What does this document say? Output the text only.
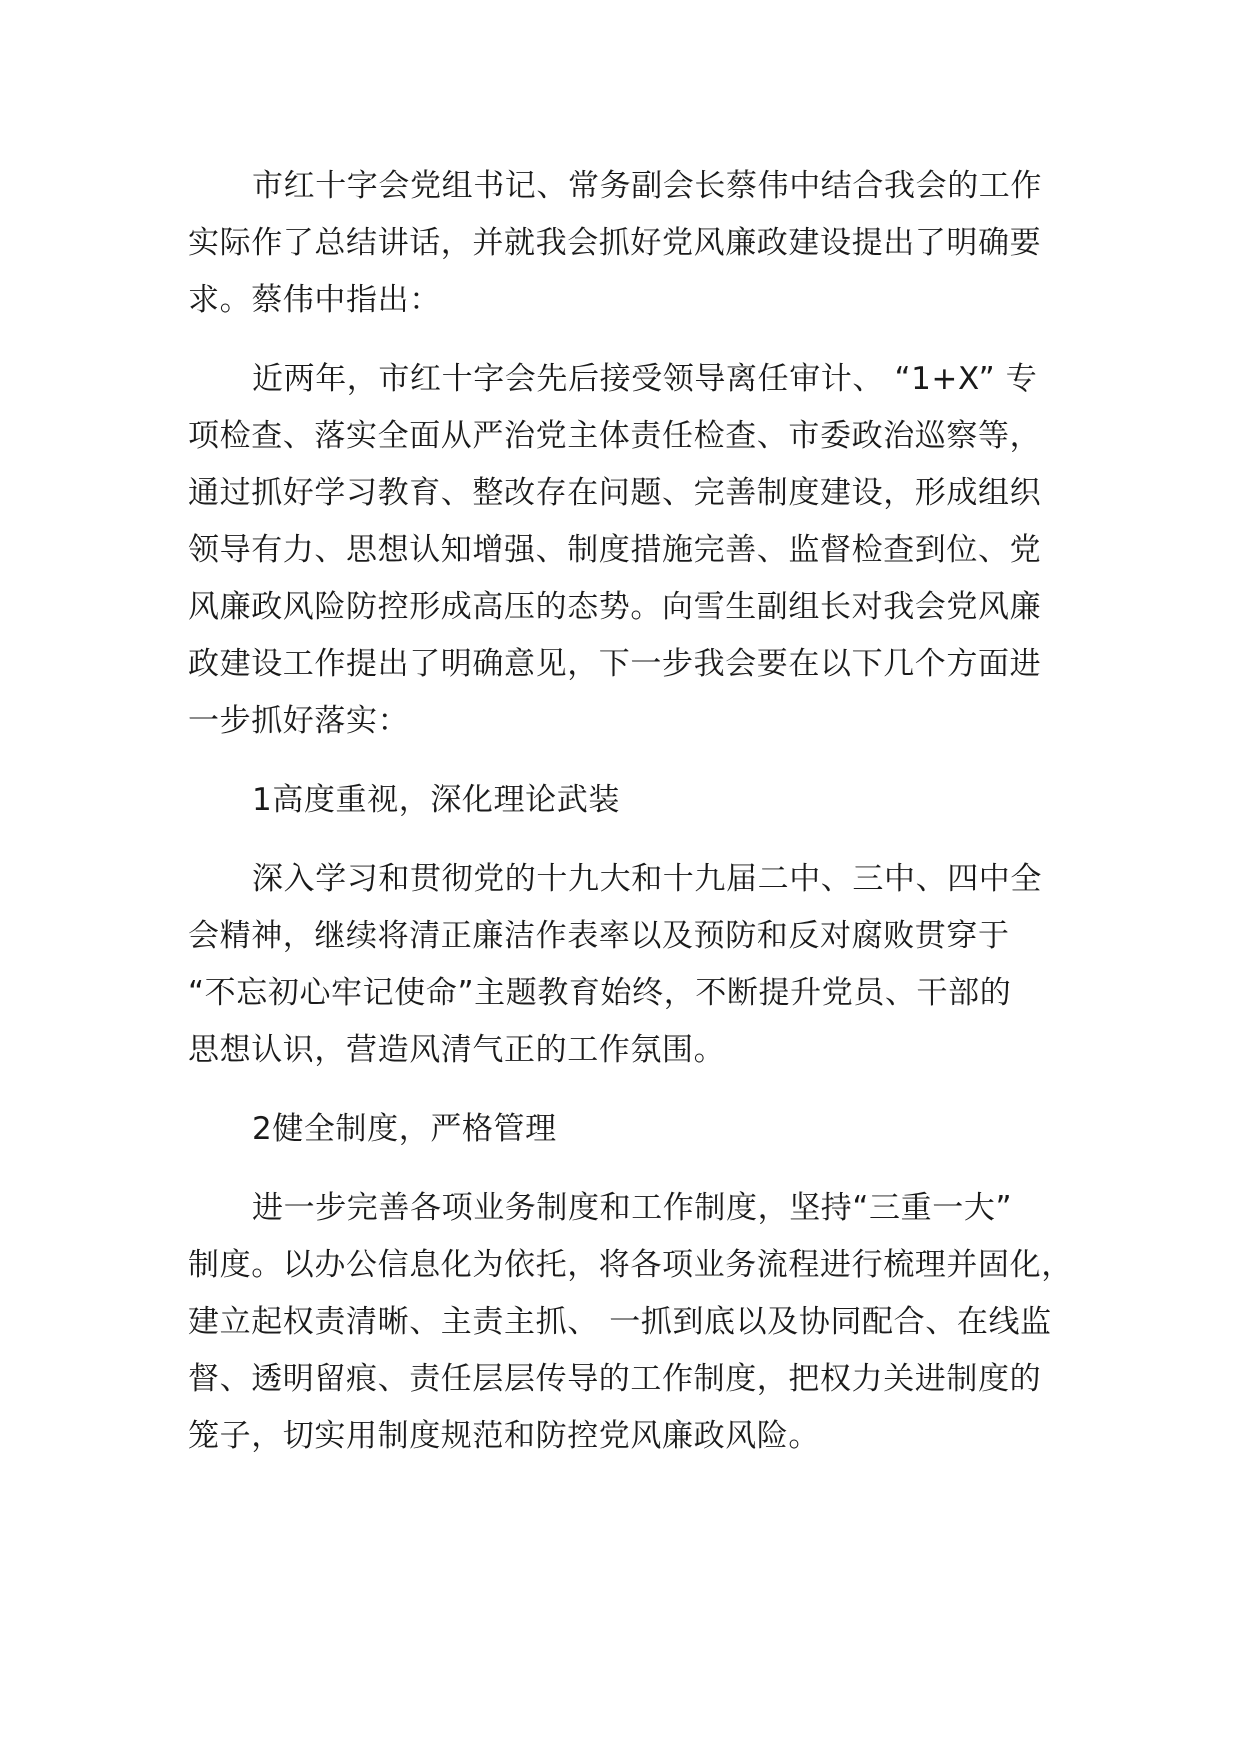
市红十字会党组书记、常务副会长蔡伟中结合我会的工作
实际作了总结讲话，并就我会抓好党风廉政建设提出了明确要
求。蔡伟中指出：
近两年，市红十字会先后接受领导离任审计、 “1+X” 专
项检查、落实全面从严治党主体责任检查、市委政治巡察等，
通过抓好学习教育、整改存在问题、完善制度建设，形成组织
领导有力、思想认知增强、制度措施完善、监督检查到位、党
风廉政风险防控形成高压的态势。向雪生副组长对我会党风廉
政建设工作提出了明确意见，下一步我会要在以下几个方面进
一步抓好落实：
1高度重视，深化理论武装
深入学习和贯彻党的十九大和十九届二中、三中、四中全
会精神，继续将清正廉洁作表率以及预防和反对腐败贯穿于
“不忘初心牢记使命”主题教育始终，不断提升党员、干部的
思想认识，营造风清气正的工作氛围。
2健全制度，严格管理
进一步完善各项业务制度和工作制度，坚持“三重一大”
制度。以办公信息化为依托，将各项业务流程进行梳理并固化，
建立起权责清晰、主责主抓、 一抓到底以及协同配合、在线监
督、透明留痕、责任层层传导的工作制度，把权力关进制度的
笼子，切实用制度规范和防控党风廉政风险。
